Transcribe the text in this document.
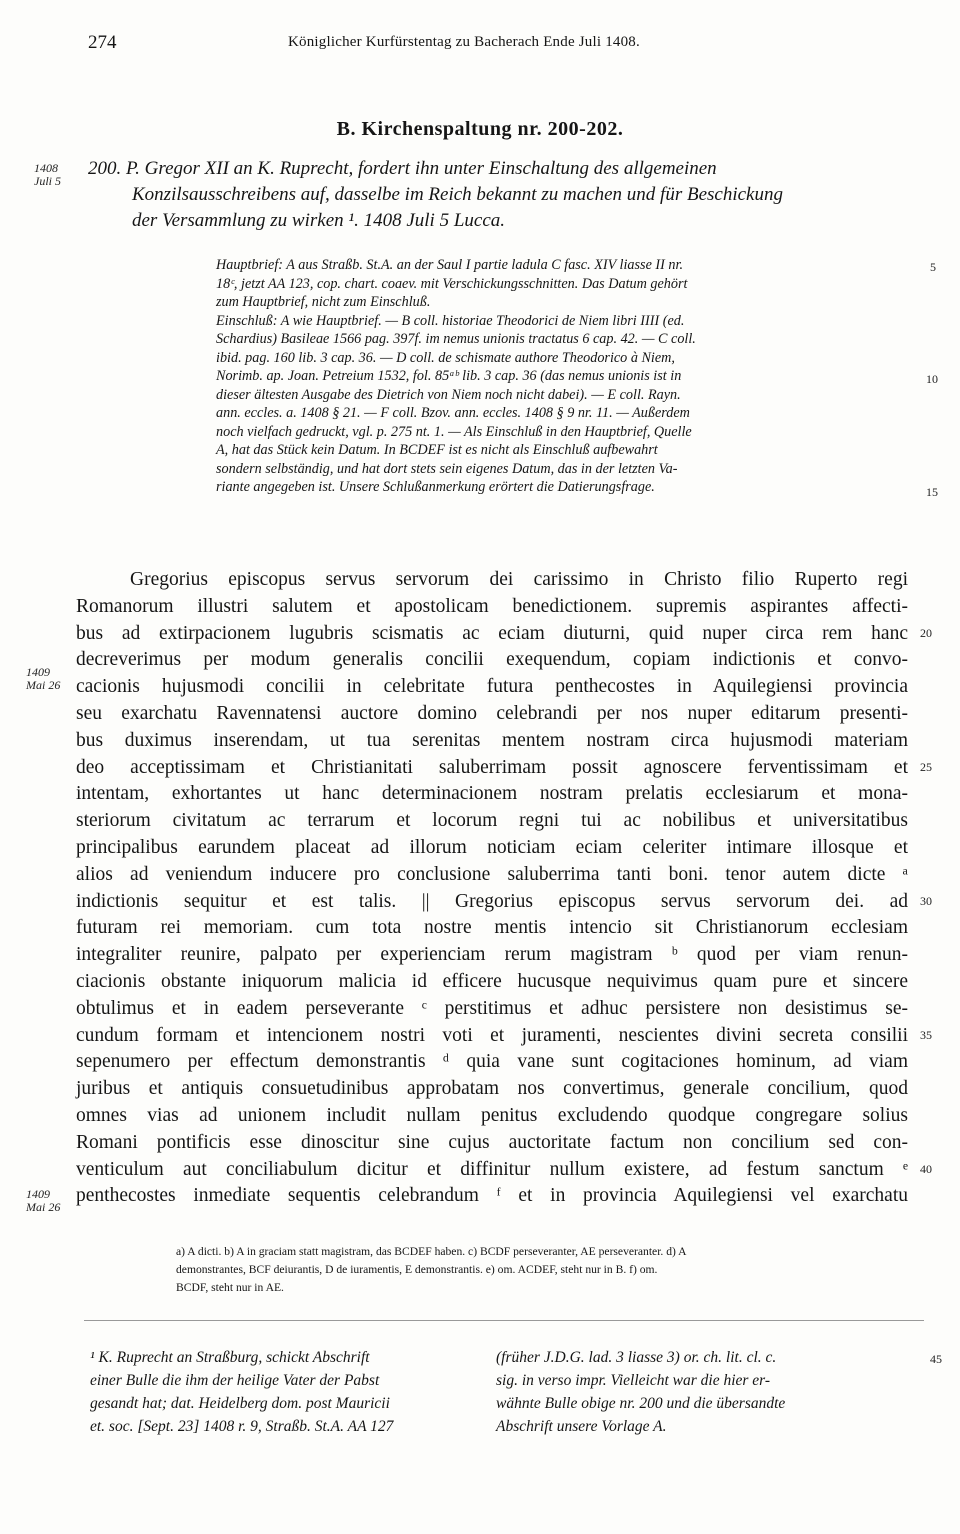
274	Königlicher Kurfürstentag zu Bacherach Ende Juli 1408.
B. Kirchenspaltung nr. 200-202.
1408
Juli 5
200. P. Gregor XII an K. Ruprecht, fordert ihn unter Einschaltung des allgemeinen
Konzilsausschreibens auf, dasselbe im Reich bekannt zu machen und für Beschickung
der Versammlung zu wirken ¹. 1408 Juli 5 Lucca.
Hauptbrief: A aus Straßb. St.A. an der Saul I partie ladula C fasc. XIV liasse II nr.
18ᶜ, jetzt AA 123, cop. chart. coaev. mit Verschickungsschnitten. Das Datum gehört
zum Hauptbrief, nicht zum Einschluß.
Einschluß: A wie Hauptbrief. — B coll. historiae Theodorici de Niem libri IIII (ed.
Schardius) Basileae 1566 pag. 397f. im nemus unionis tractatus 6 cap. 42. — C coll.
ibid. pag. 160 lib. 3 cap. 36. — D coll. de schismate authore Theodorico à Niem,
Norimb. ap. Joan. Petreium 1532, fol. 85ᵃᵇ lib. 3 cap. 36 (das nemus unionis ist in
dieser ältesten Ausgabe des Dietrich von Niem noch nicht dabei). — E coll. Rayn.
ann. eccles. a. 1408 § 21. — F coll. Bzov. ann. eccles. 1408 § 9 nr. 11. — Außerdem
noch vielfach gedruckt, vgl. p. 275 nt. 1. — Als Einschluß in den Hauptbrief, Quelle
A, hat das Stück kein Datum. In BCDEF ist es nicht als Einschluß aufbewahrt
sondern selbständig, und hat dort stets sein eigenes Datum, das in der letzten Va-
riante angegeben ist. Unsere Schlußanmerkung erörtert die Datierungsfrage.
5
10
15
1409
Mai 26
1409
Mai 26
Gregorius episcopus servus servorum dei carissimo in Christo filio Ruperto regi
Romanorum illustri salutem et apostolicam benedictionem. supremis aspirantes affecti-
bus ad extirpacionem lugubris scismatis ac eciam diuturni, quid nuper circa rem hanc
decreverimus per modum generalis concilii exequendum, copiam indictionis et convo-
cacionis hujusmodi concilii in celebritate futura penthecostes in Aquilegiensi provincia
seu exarchatu Ravennatensi auctore domino celebrandi per nos nuper editarum presenti-
bus duximus inserendam, ut tua serenitas mentem nostram circa hujusmodi materiam
deo acceptissimam et Christianitati saluberrimam possit agnoscere ferventissimam et
intentam, exhortantes ut hanc determinacionem nostram prelatis ecclesiarum et mona-
steriorum civitatum ac terrarum et locorum regni tui ac nobilibus et universitatibus
principalibus earundem placeat ad illorum noticiam eciam celeriter intimare illosque et
alios ad veniendum inducere pro conclusione saluberrima tanti boni. tenor autem dicte ᵃ
indictionis sequitur et est talis. || Gregorius episcopus servus servorum dei. ad
futuram rei memoriam. cum tota nostre mentis intencio sit Christianorum ecclesiam
integraliter reunire, palpato per experienciam rerum magistram ᵇ quod per viam renun-
ciacionis obstante iniquorum malicia id efficere hucusque nequivimus quam pure et sincere
obtulimus et in eadem perseverante ᶜ perstitimus et adhuc persistere non desistimus se-
cundum formam et intencionem nostri voti et juramenti, nescientes divini secreta consilii
sepenumero per effectum demonstrantis ᵈ quia vane sunt cogitaciones hominum, ad viam
juribus et antiquis consuetudinibus approbatam nos convertimus, generale concilium, quod
omnes vias ad unionem includit nullam penitus excludendo quodque congregare solius
Romani pontificis esse dinoscitur sine cujus auctoritate factum non concilium sed con-
venticulum aut conciliabulum dicitur et diffinitur nullum existere, ad festum sanctum ᵉ
penthecostes inmediate sequentis celebrandum ᶠ et in provincia Aquilegiensi vel exarchatu
20
25
30
35
40
a) A dicti. b) A in graciam statt magistram, das BCDEF haben. c) BCDF perseveranter, AE perseveranter. d) A
demonstrantes, BCF deiurantis, D de iuramentis, E demonstrantis. e) om. ACDEF, steht nur in B. f) om.
BCDF, steht nur in AE.
¹ K. Ruprecht an Straßburg, schickt Abschrift
einer Bulle die ihm der heilige Vater der Pabst
gesandt hat; dat. Heidelberg dom. post Mauricii
et. soc. [Sept. 23] 1408 r. 9, Straßb. St.A. AA 127
(früher J.D.G. lad. 3 liasse 3) or. ch. lit. cl. c.
sig. in verso impr. Vielleicht war die hier er-
wähnte Bulle obige nr. 200 und die übersandte
Abschrift unsere Vorlage A.
45
